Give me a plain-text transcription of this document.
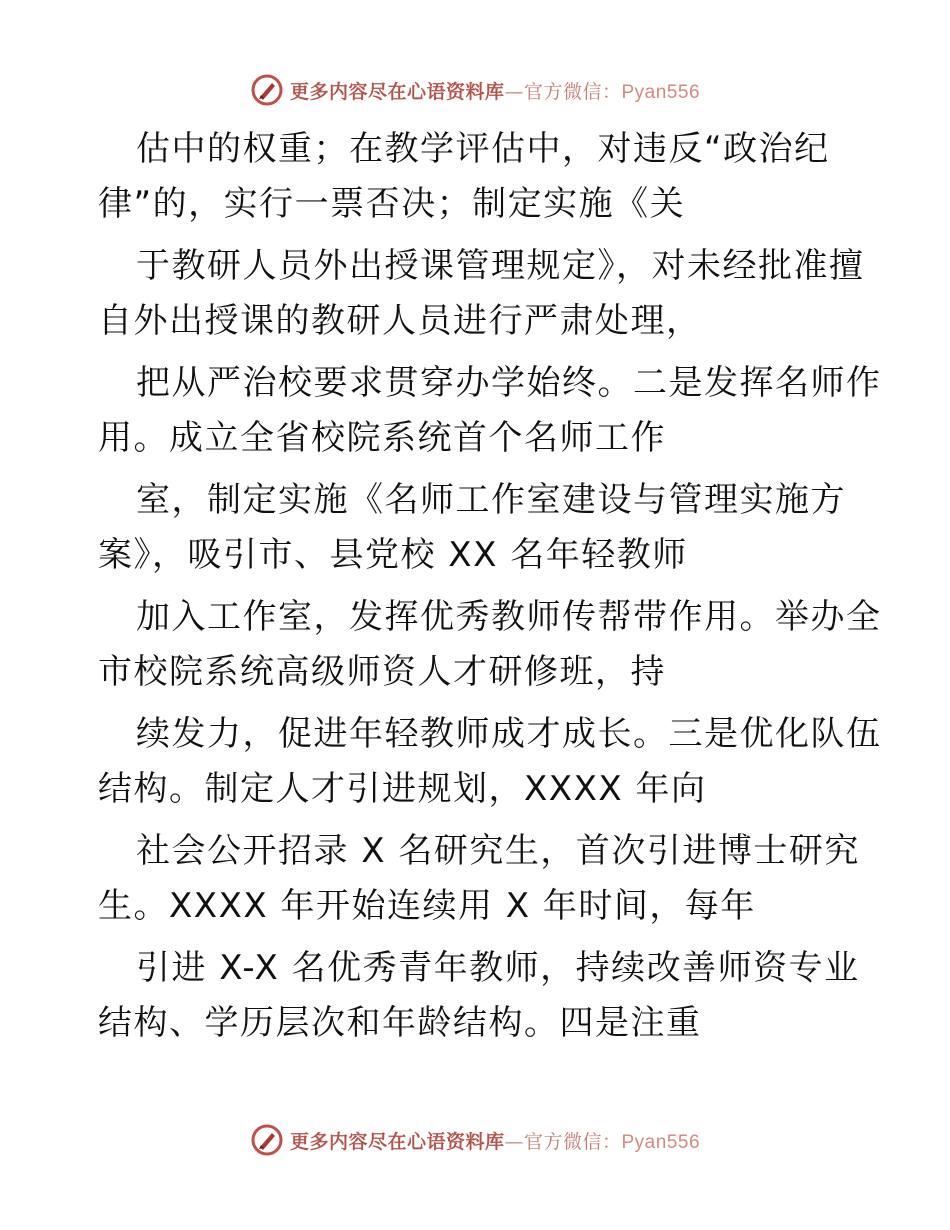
更多内容尽在心语资料库—官方微信：Pyan556
估中的权重；在教学评估中，对违反“政治纪
律”的，实行一票否决；制定实施《关
于教研人员外出授课管理规定》，对未经批准擅
自外出授课的教研人员进行严肃处理，
把从严治校要求贯穿办学始终。二是发挥名师作
用。成立全省校院系统首个名师工作
室，制定实施《名师工作室建设与管理实施方
案》，吸引市、县党校 XX 名年轻教师
加入工作室，发挥优秀教师传帮带作用。举办全
市校院系统高级师资人才研修班，持
续发力，促进年轻教师成才成长。三是优化队伍
结构。制定人才引进规划，XXXX 年向
社会公开招录 X 名研究生，首次引进博士研究
生。XXXX 年开始连续用 X 年时间，每年
引进 X-X 名优秀青年教师，持续改善师资专业
结构、学历层次和年龄结构。四是注重
更多内容尽在心语资料库—官方微信：Pyan556
